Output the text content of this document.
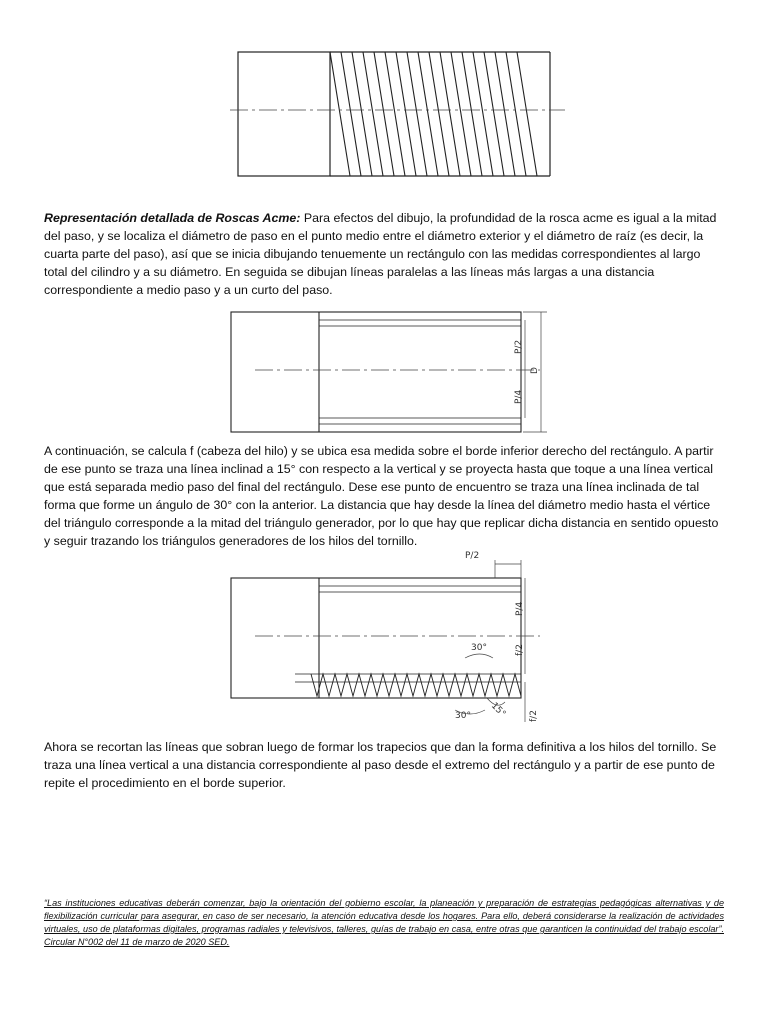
Representación detallada de Roscas Acme: Para efectos del dibujo, la profundidad de la rosca acme es igual a la mitad del paso, y se localiza el diámetro de paso en el punto medio entre el diámetro exterior y el diámetro de raíz (es decir, la cuarta parte del paso), así que se inicia dibujando tenuemente un rectángulo con las medidas correspondientes al largo total del cilindro y a su diámetro. En seguida se dibujan líneas paralelas a las líneas más largas a una distancia correspondiente a medio paso y a un curto del paso.

P/2
P/4
D

A continuación, se calcula f (cabeza del hilo) y se ubica esa medida sobre el borde inferior derecho del rectángulo. A partir de ese punto se traza una línea inclinad a 15° con respecto a la vertical y se proyecta hasta que toque a una línea vertical que está separada medio paso del final del rectángulo. Dese ese punto de encuentro se traza una línea inclinada de tal forma que forme un ángulo de 30° con la anterior. La distancia que hay desde la línea del diámetro medio hasta el vértice del triángulo corresponde a la mitad del triángulo generador, por lo que hay que replicar dicha distancia en sentido opuesto y seguir trazando los triángulos generadores de los hilos del tornillo.

P/2
P/4
f/2
f/2
30°
30° 15°

Ahora se recortan las líneas que sobran luego de formar los trapecios que dan la forma definitiva a los hilos del tornillo. Se traza una línea vertical a una distancia correspondiente al paso desde el extremo del rectángulo y a partir de ese punto de repite el procedimiento en el borde superior.

“Las instituciones educativas deberán comenzar, bajo la orientación del gobierno escolar, la planeación y preparación de estrategias pedagógicas alternativas y de flexibilización curricular para asegurar, en caso de ser necesario, la atención educativa desde los hogares. Para ello, deberá considerarse la realización de actividades virtuales, uso de plataformas digitales, programas radiales y televisivos, talleres, guías de trabajo en casa, entre otras que garanticen la continuidad del trabajo escolar”. Circular N°002 del 11 de marzo de 2020 SED.
